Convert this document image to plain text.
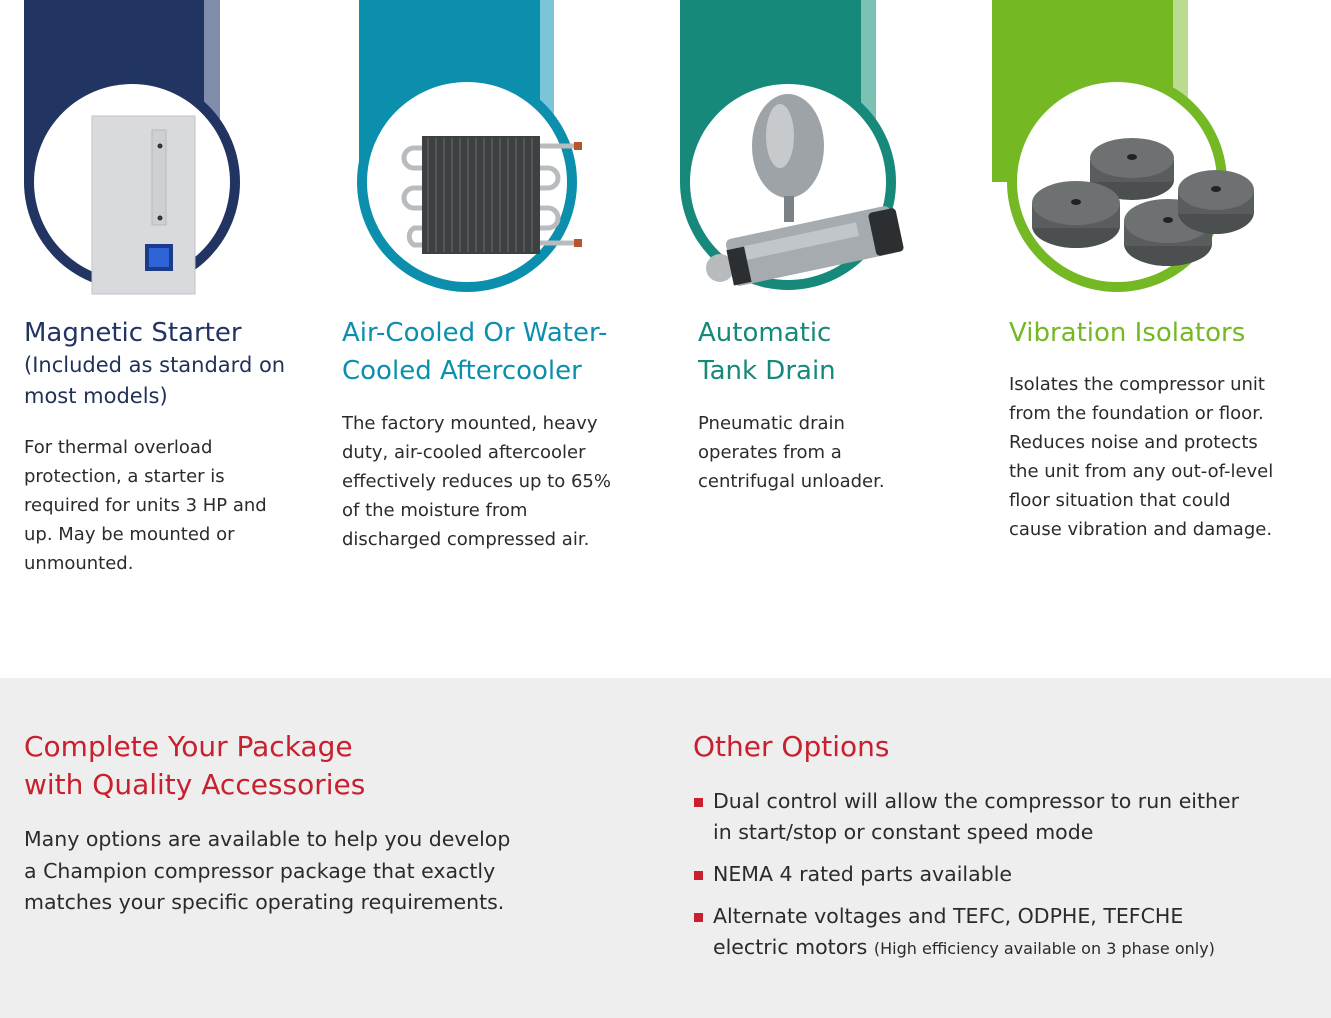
Magnetic Starter
(Included as standard on most models)
For thermal overload protection, a starter is required for units 3 HP and up. May be mounted or unmounted.
Air-Cooled Or Water-
Cooled Aftercooler
The factory mounted, heavy duty, air-cooled aftercooler effectively reduces up to 65% of the moisture from discharged compressed air.
Automatic
Tank Drain
Pneumatic drain operates from a centrifugal unloader.
Vibration Isolators
Isolates the compressor unit from the foundation or floor. Reduces noise and protects the unit from any out-of-level floor situation that could cause vibration and damage.
Complete Your Package
with Quality Accessories
Many options are available to help you develop
a Champion compressor package that exactly
matches your specific operating requirements.
Other Options
Dual control will allow the compressor to run either
in start/stop or constant speed mode
NEMA 4 rated parts available
Alternate voltages and TEFC, ODPHE, TEFCHE
electric motors (High efficiency available on 3 phase only)
